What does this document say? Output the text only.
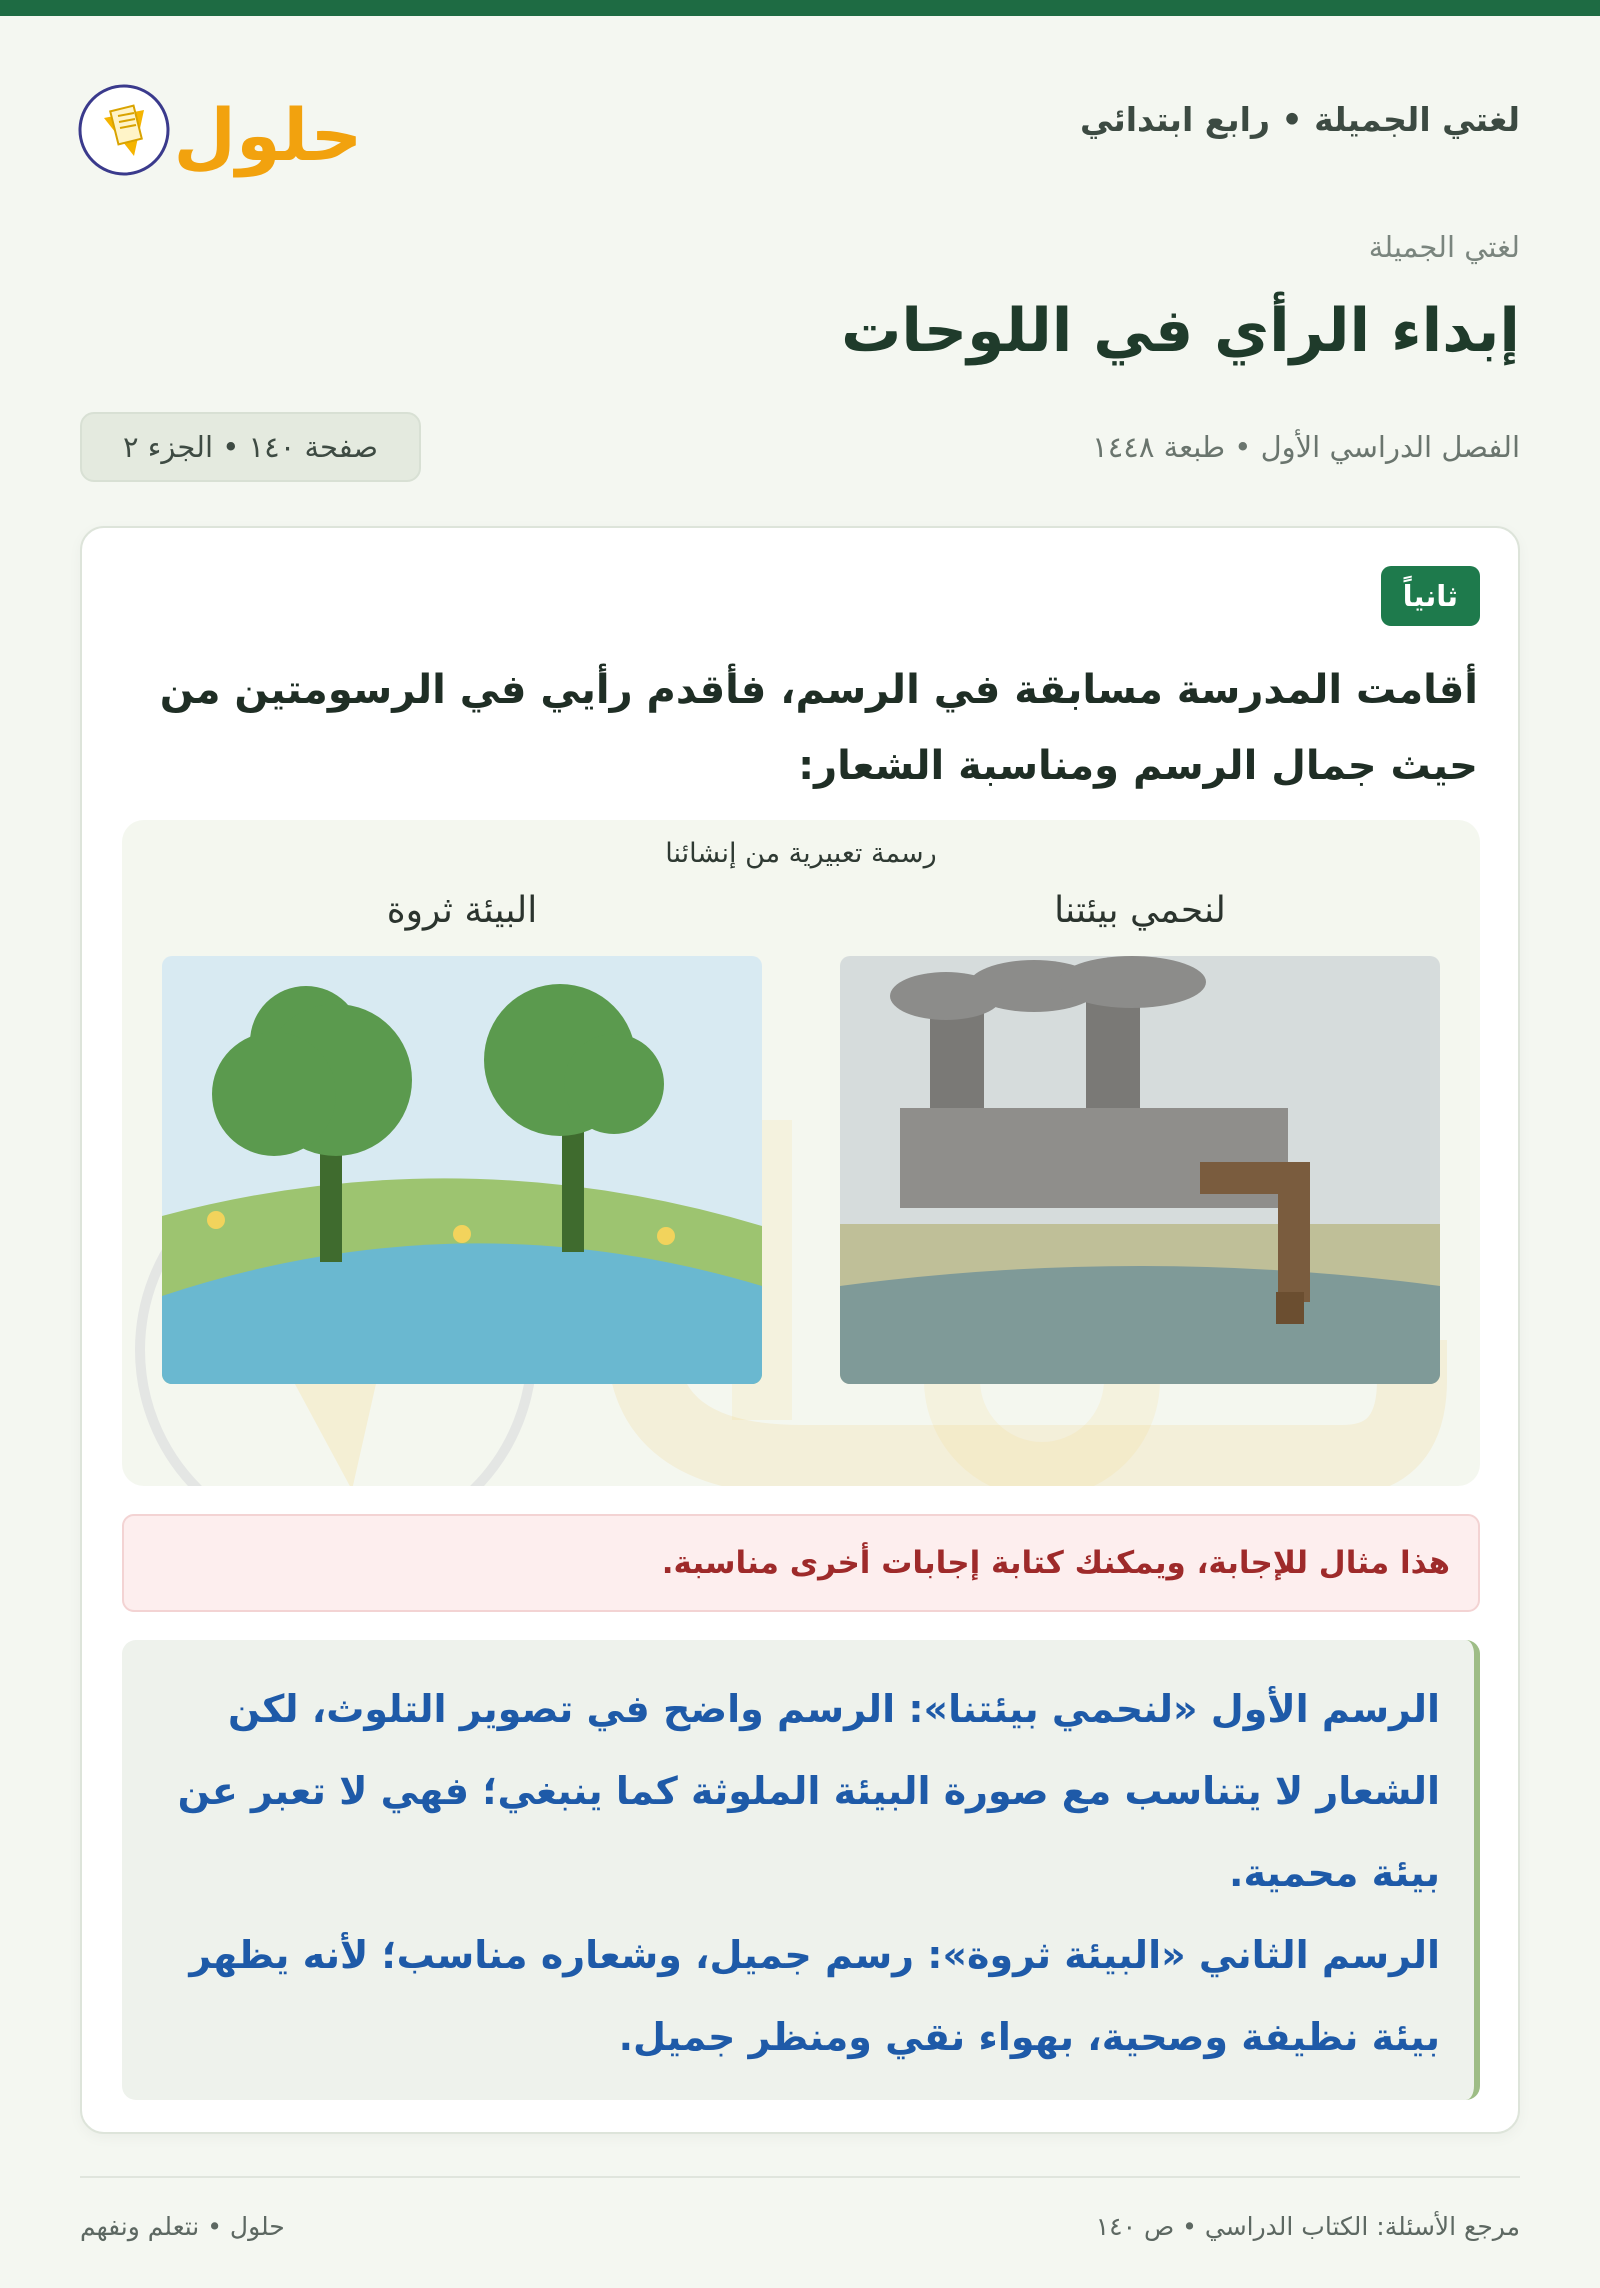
لغتي الجميلة • رابع ابتدائي
حلول
لغتي الجميلة
إبداء الرأي في اللوحات
الفصل الدراسي الأول • طبعة ١٤٤٨
صفحة ١٤٠ • الجزء ٢
ثانياً
أقامت المدرسة مسابقة في الرسم، فأقدم رأيي في الرسومتين من حيث جمال الرسم ومناسبة الشعار:
رسمة تعبيرية من إنشائنا
لنحمي بيئتنا
البيئة ثروة
هذا مثال للإجابة، ويمكنك كتابة إجابات أخرى مناسبة.

الرسم الأول «لنحمي بيئتنا»: الرسم واضح في تصوير التلوث، لكن الشعار لا يتناسب مع صورة البيئة الملوثة كما ينبغي؛ فهي لا تعبر عن بيئة محمية.

الرسم الثاني «البيئة ثروة»: رسم جميل، وشعاره مناسب؛ لأنه يظهر بيئة نظيفة وصحية، بهواء نقي ومنظر جميل.

مرجع الأسئلة: الكتاب الدراسي • ص ١٤٠
حلول • نتعلم ونفهم
